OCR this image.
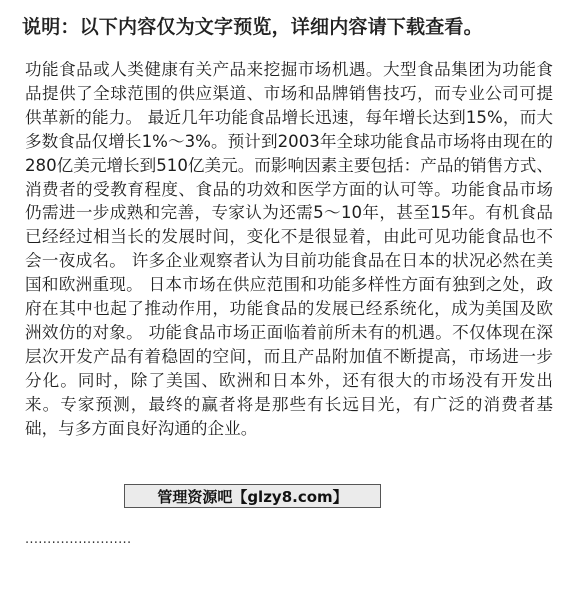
说明：以下内容仅为文字预览，详细内容请下载查看。
功能食品或人类健康有关产品来挖掘市场机遇。大型食品集团为功能食品提供了全球范围的供应渠道、市场和品牌销售技巧，而专业公司可提供革新的能力。 最近几年功能食品增长迅速，每年增长达到15%，而大多数食品仅增长1%～3%。预计到2003年全球功能食品市场将由现在的280亿美元增长到510亿美元。而影响因素主要包括：产品的销售方式、消费者的受教育程度、食品的功效和医学方面的认可等。功能食品市场仍需进一步成熟和完善，专家认为还需5～10年，甚至15年。有机食品已经经过相当长的发展时间，变化不是很显着，由此可见功能食品也不会一夜成名。 许多企业观察者认为目前功能食品在日本的状况必然在美国和欧洲重现。 日本市场在供应范围和功能多样性方面有独到之处，政府在其中也起了推动作用，功能食品的发展已经系统化，成为美国及欧洲效仿的对象。 功能食品市场正面临着前所未有的机遇。不仅体现在深层次开发产品有着稳固的空间，而且产品附加值不断提高，市场进一步分化。同时，除了美国、欧洲和日本外，还有很大的市场没有开发出来。专家预测，最终的赢者将是那些有长远目光，有广泛的消费者基础，与多方面良好沟通的企业。
管理资源吧【glzy8.com】
........................
